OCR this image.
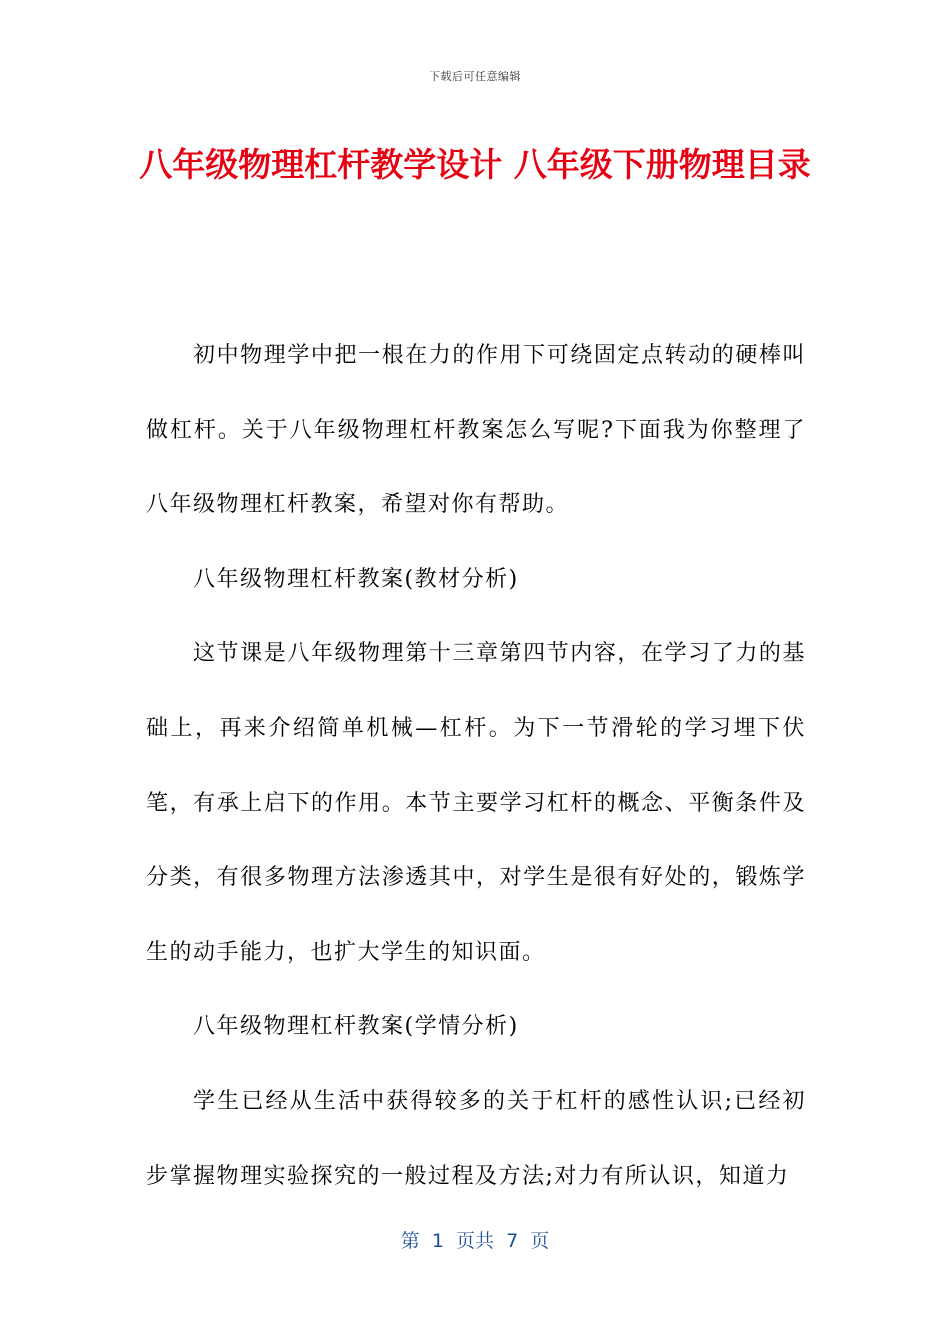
下载后可任意编辑
八年级物理杠杆教学设计 八年级下册物理目录

初中物理学中把一根在力的作用下可绕固定点转动的硬棒叫做杠杆。关于八年级物理杠杆教案怎么写呢?下面我为你整理了八年级物理杠杆教案，希望对你有帮助。

八年级物理杠杆教案(教材分析)

这节课是八年级物理第十三章第四节内容，在学习了力的基础上，再来介绍简单机械—杠杆。为下一节滑轮的学习埋下伏笔，有承上启下的作用。本节主要学习杠杆的概念、平衡条件及分类，有很多物理方法渗透其中，对学生是很有好处的，锻炼学生的动手能力，也扩大学生的知识面。

八年级物理杠杆教案(学情分析)

学生已经从生活中获得较多的关于杠杆的感性认识;已经初步掌握物理实验探究的一般过程及方法;对力有所认识，知道力

第  1  页共  7  页
